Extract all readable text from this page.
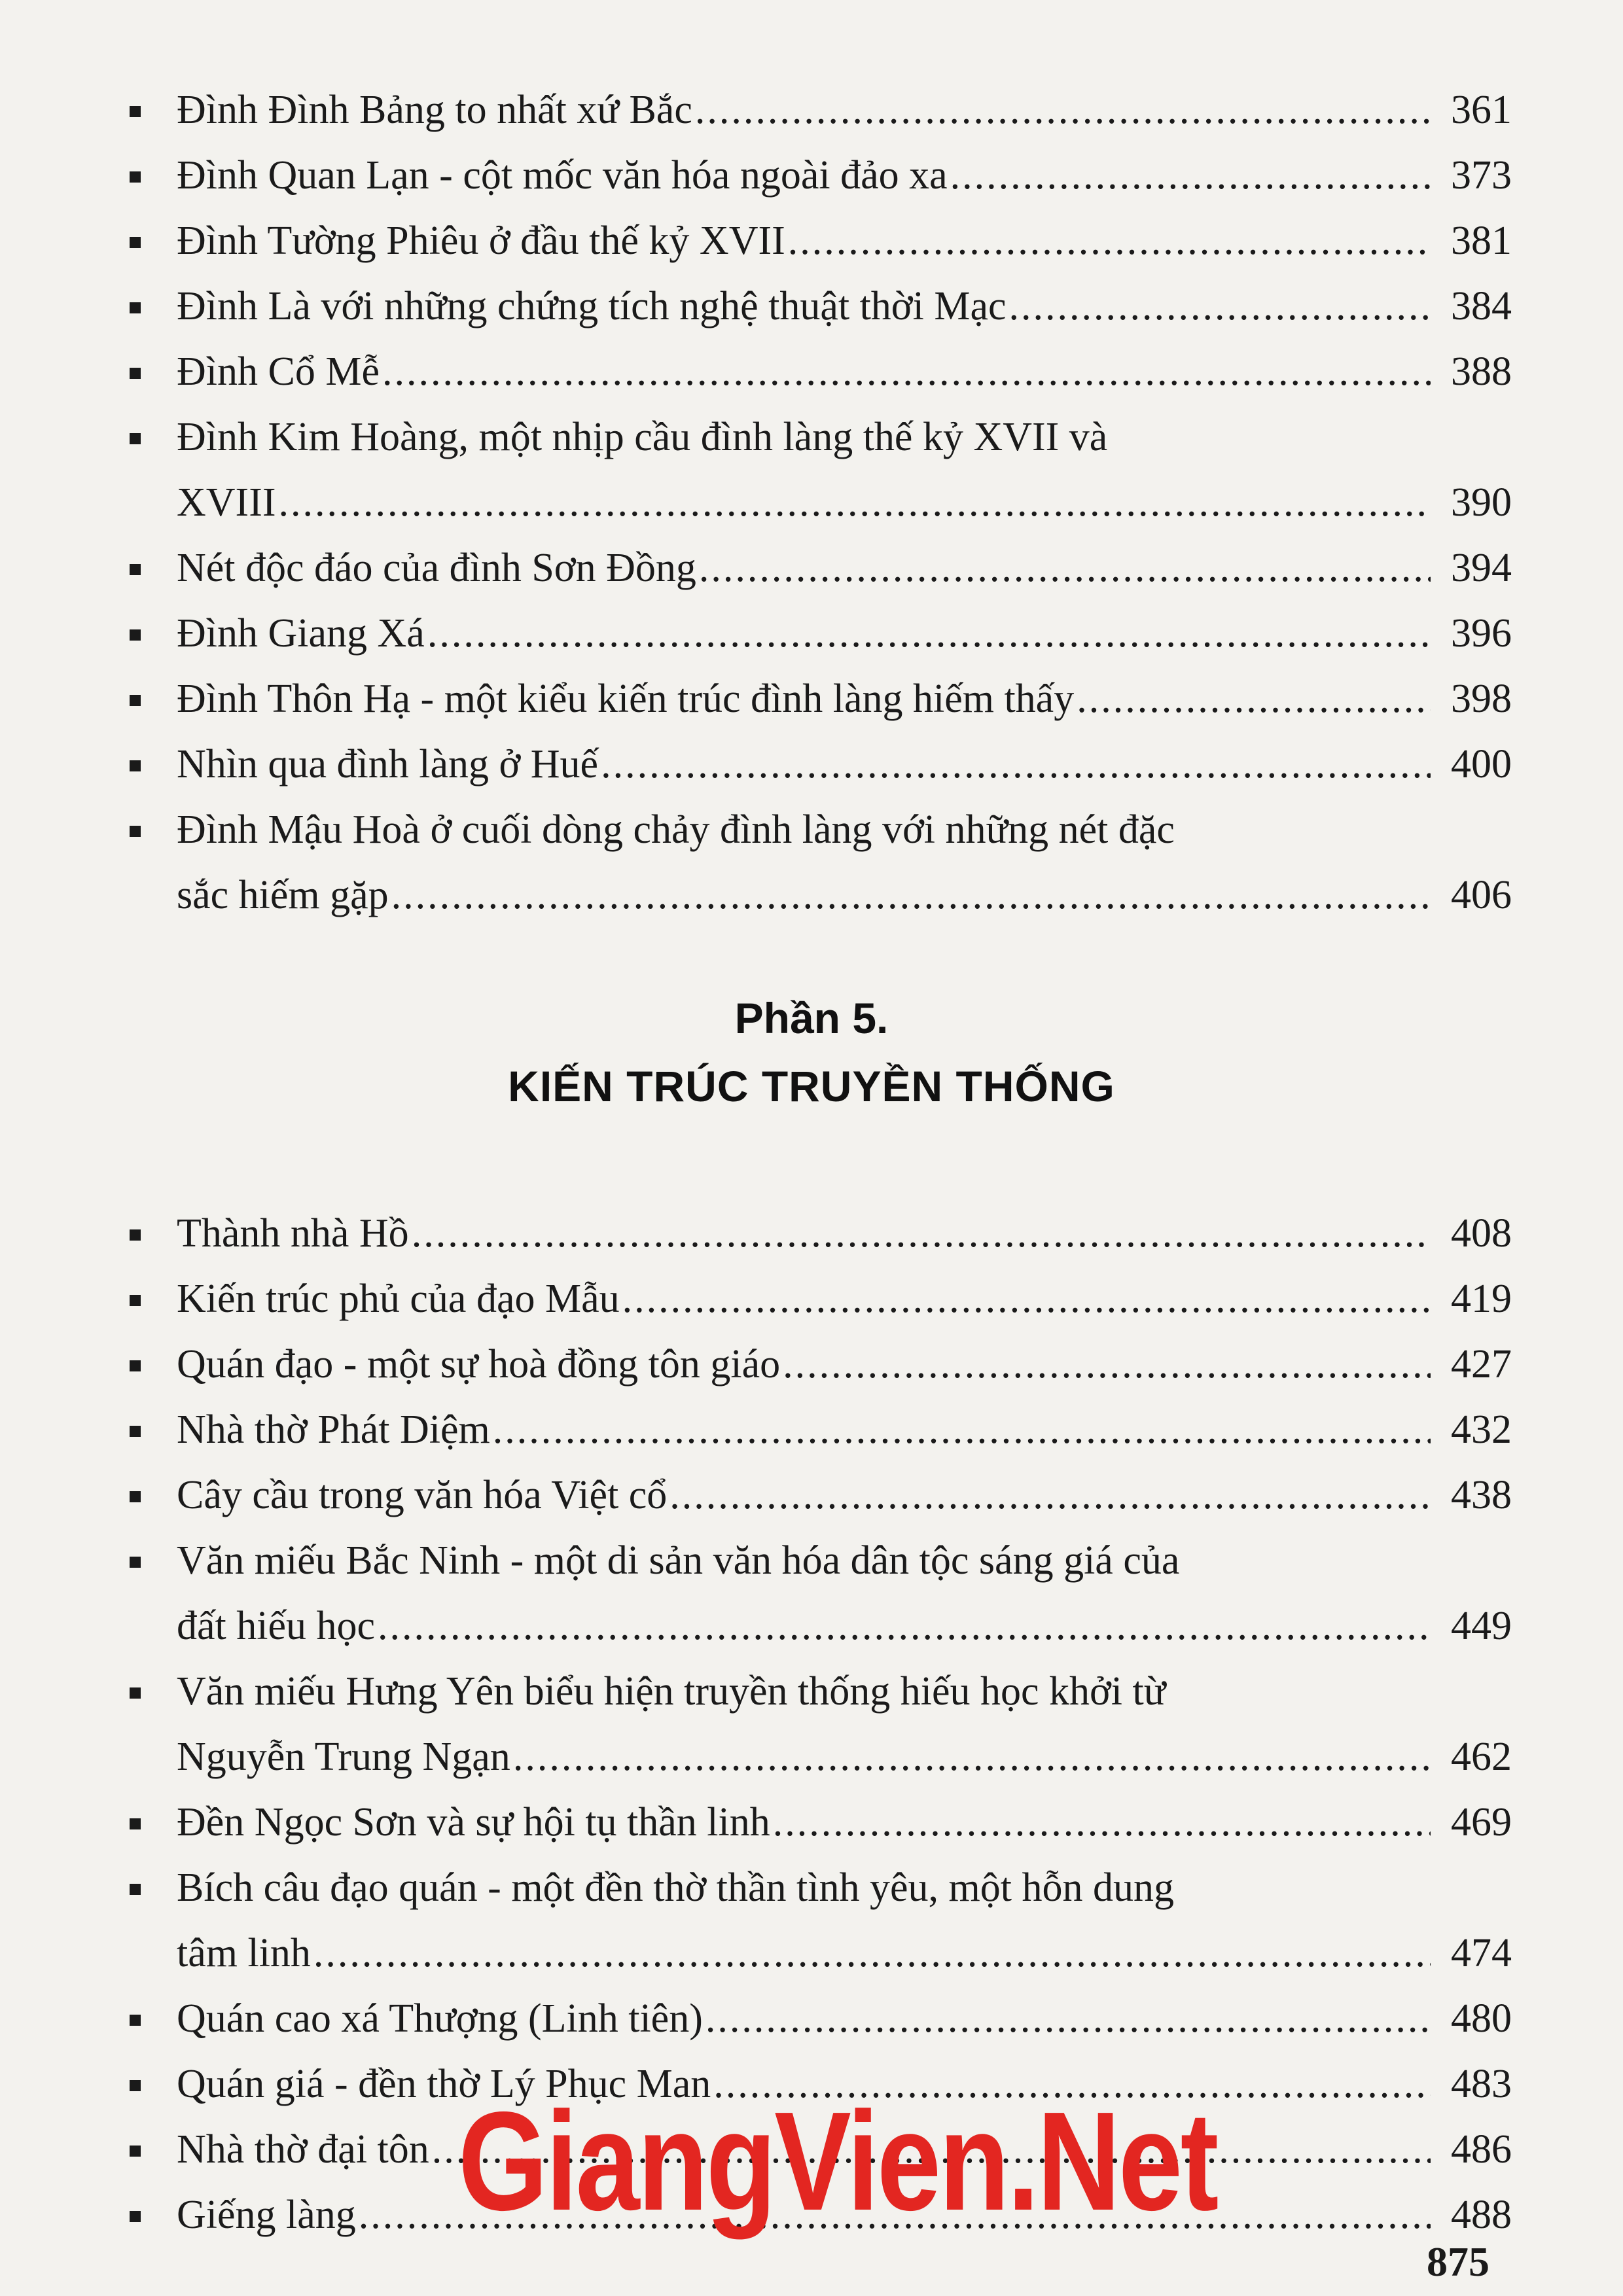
Đình Đình Bảng to nhất xứ Bắc .....	361
Đình Quan Lạn - cột mốc văn hóa ngoài đảo xa .....	373
Đình Tường Phiêu ở đầu thế kỷ XVII .....	381
Đình Là với những chứng tích nghệ thuật thời Mạc .....	384
Đình Cổ Mễ .....	388
Đình Kim Hoàng, một nhịp cầu đình làng thế kỷ XVII và
XVIII .....	390
Nét độc đáo của đình Sơn Đồng .....	394
Đình Giang Xá .....	396
Đình Thôn Hạ - một kiểu kiến trúc đình làng hiếm thấy .....	398
Nhìn qua đình làng ở Huế .....	400
Đình Mậu Hoà ở cuối dòng chảy đình làng với những nét đặc
sắc hiếm gặp .....	406
Phần 5.
KIẾN TRÚC TRUYỀN THỐNG
Thành nhà Hồ .....	408
Kiến trúc phủ của đạo Mẫu .....	419
Quán đạo - một sự hoà đồng tôn giáo .....	427
Nhà thờ Phát Diệm .....	432
Cây cầu trong văn hóa Việt cổ .....	438
Văn miếu Bắc Ninh - một di sản văn hóa dân tộc sáng giá của
đất hiếu học .....	449
Văn miếu Hưng Yên biểu hiện truyền thống hiếu học khởi từ
Nguyễn Trung Ngạn .....	462
Đền Ngọc Sơn và sự hội tụ thần linh .....	469
Bích câu đạo quán - một đền thờ thần tình yêu, một hỗn dung
tâm linh .....	474
Quán cao xá Thượng (Linh tiên) .....	480
Quán giá - đền thờ Lý Phục Man .....	483
Nhà thờ đại tôn .....	486
Giếng làng .....	488
875
GiangVien.Net
